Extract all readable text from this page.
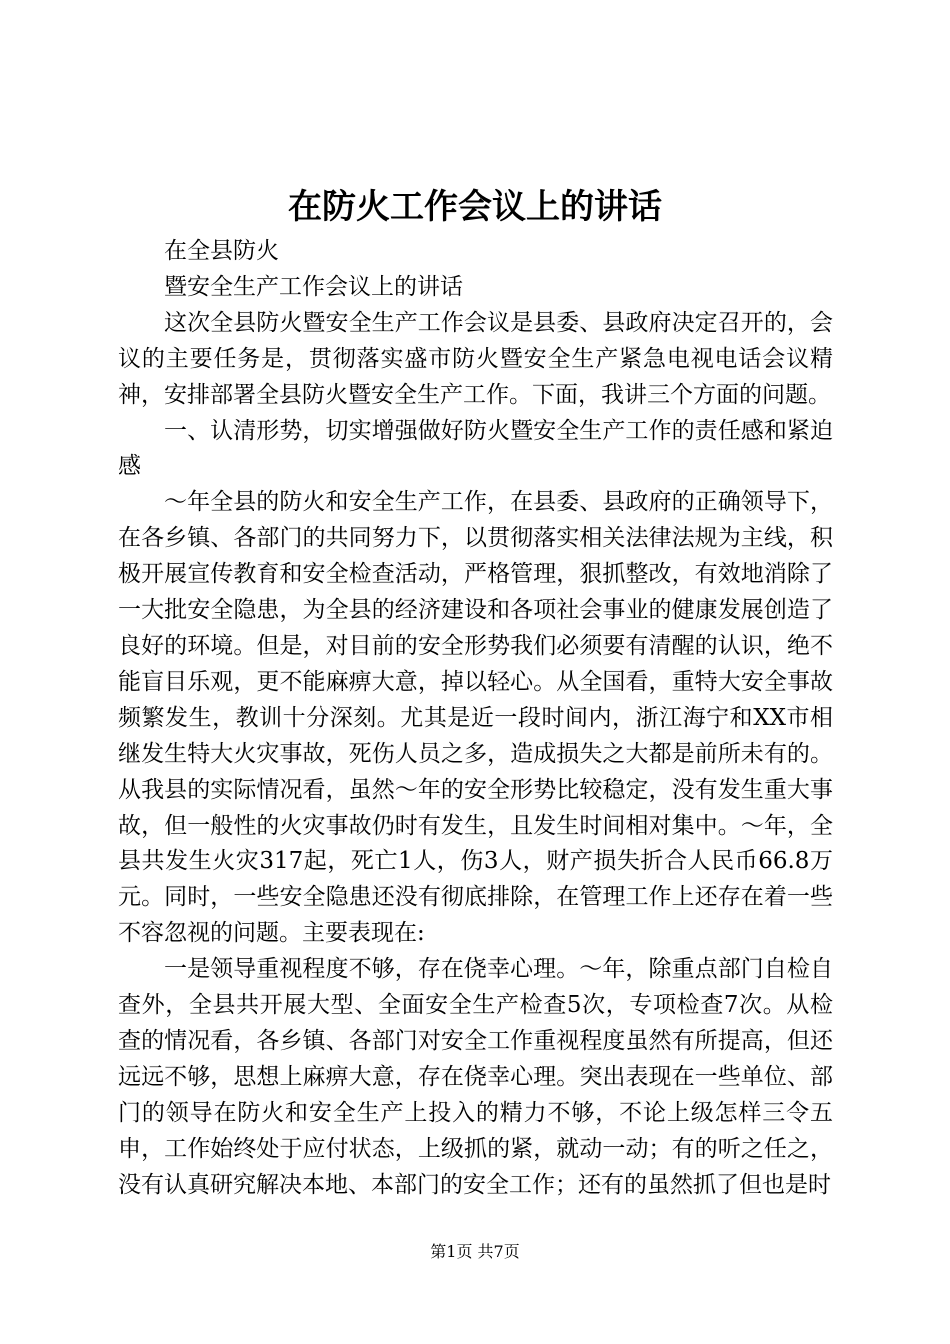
在防火工作会议上的讲话

在全县防火

暨安全生产工作会议上的讲话

这次全县防火暨安全生产工作会议是县委、县政府决定召开的，会议的主要任务是，贯彻落实盛市防火暨安全生产紧急电视电话会议精神，安排部署全县防火暨安全生产工作。下面，我讲三个方面的问题。

一、认清形势，切实增强做好防火暨安全生产工作的责任感和紧迫感

～年全县的防火和安全生产工作，在县委、县政府的正确领导下，在各乡镇、各部门的共同努力下，以贯彻落实相关法律法规为主线，积极开展宣传教育和安全检查活动，严格管理，狠抓整改，有效地消除了一大批安全隐患，为全县的经济建设和各项社会事业的健康发展创造了良好的环境。但是，对目前的安全形势我们必须要有清醒的认识，绝不能盲目乐观，更不能麻痹大意，掉以轻心。从全国看，重特大安全事故频繁发生，教训十分深刻。尤其是近一段时间内，浙江海宁和XX市相继发生特大火灾事故，死伤人员之多，造成损失之大都是前所未有的。从我县的实际情况看，虽然～年的安全形势比较稳定，没有发生重大事故，但一般性的火灾事故仍时有发生，且发生时间相对集中。～年，全县共发生火灾317起，死亡1人，伤3人，财产损失折合人民币66.8万元。同时，一些安全隐患还没有彻底排除，在管理工作上还存在着一些不容忽视的问题。主要表现在:

一是领导重视程度不够，存在侥幸心理。～年，除重点部门自检自查外，全县共开展大型、全面安全生产检查5次，专项检查7次。从检查的情况看，各乡镇、各部门对安全工作重视程度虽然有所提高，但还远远不够，思想上麻痹大意，存在侥幸心理。突出表现在一些单位、部门的领导在防火和安全生产上投入的精力不够，不论上级怎样三令五申，工作始终处于应付状态，上级抓的紧，就动一动；有的听之任之，没有认真研究解决本地、本部门的安全工作；还有的虽然抓了但也是时

第1页 共7页
